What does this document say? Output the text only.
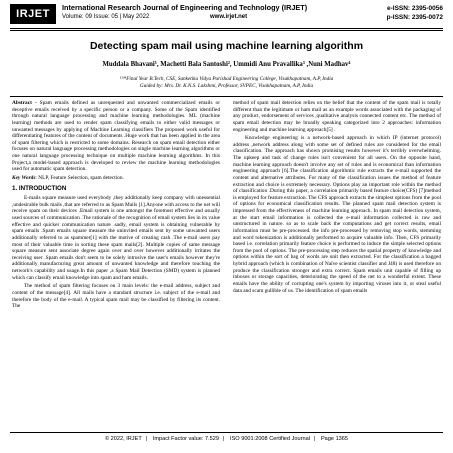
IRJET
International Research Journal of Engineering and Technology (IRJET)
Volume: 09 Issue: 05 | May 2022	www.irjet.net
e-ISSN: 2395-0056
p-ISSN: 2395-0072
Detecting spam mail using machine learning algorithm
Muddala Bhavani¹, Machetti Bala Santoshi², Ummidi Anu Pravallika³ ,Nuni Madhav⁴
¹²³⁴Final Year B.Tech, CSE, Sanketika Vidya Parishad Engineering College, Visakhapatnam, A.P, India
Guided by: Mrs. Dr. K.N.S. Lakshmi, Professor, SVPEC, Visakhapatnam, A.P, India

Abstract - Spam emails defined as unrequested and unwanted commercialized emails or deceptive emails received by a specific person or a company. Some of the Spam identified through natural language processing and machine learning methodologies. ML (machine learning) methods are used to render spam classifying emails to either valid messages or unwanted messages by applying of Machine Learning classifiers The proposed work useful for differentiating features of the content of documents .Huge work that has been applied in the area of spam filtering which is restricted to some domains. Research on spam email detection either focuses on natural language processing methodologies on single machine learning algorithms or one natural language processing technique on multiple machine learning algorithms. In this Project,a model-based approach is developed to review the machine learning methodologies used for automatic spam detection.

Key Words: NLP, Feature Selection, spam detection.

1. INTRODUCTION

E-mails square measure used everybody ,they additionally keep company with unessential ,undesirable bulk mails ,that are referred to as Spam Mails [1].Anyone with access to the net will receive spam on their devices .Email system is one amongst the foremost effective and usually used sources of communication .The rationale of the recognition of email system lies in its value effective and quicker communication nature .sadly, email system is obtaining vulnerable by spam emails .Spam emails square measure the uninvited emails sent by some unwanted users additionally referred to as spammer[1] with the motive of creating cash .The e-mail users pay most of their valuable time in sorting these spam mails[2]. Multiple copies of same message square measure sent associate degree again over and over however additionally irritates the receiving user .Spam emails don't seem to be solely intrusive the user's emails however they're additionally manufacturing great amount of unwanted knowledge and therefore touching the network's capability and usage.In this paper ,a Spam Mail Detection (SMD) system is planned which can classify email knowledge into spam and ham emails.

The method of spam filtering focuses on 3 main levels: the e-mail address, subject and content of the message[4]. All mails have a standard structure i.e. subject of the e-mail and therefore the body of the e-mail. A typical spam mail may be classified by filtering its content. The

method of spam mail detection relies on the belief that the content of the spam mail is totally different than the legitimate or ham mail as an example words associated with the packaging of any product, endorsement of services ,qualitative analysis connected content etc. The method of spam email detection may be broadly speaking categorized into 2 approaches: information engineering and machine learning approach[5] .

Knowledge engineering is a network-based approach in which IP (internet protocol) address ,network address along with some set of defined rules are considered for the email classification. The approach has shown promising results however it's terribly overwhelming. The upkeep and task of change rules isn't convenient for all users. On the opposite hand, machine learning approach doesn't involve any set of rules and is economical than information engineering approach [6].The classification algorithmic rule extracts the e-mail supported the content and alternative attributes. For many of the classification issues the method of feature extraction and choice is extremely necessary. Options play an important role within the method of classification .During this paper, a correlation primarily based feature choice(CFS) [7]method is employed for feature extraction. The CFS approach extracts the simplest options from the pool of options for economical classification results. The planned spam mail detection system is impressed from the effectiveness of machine learning approach. In spam mail detection system, at the start email information is collected the e-mail information collected is raw and unstructured in nature. so as to scale back the computations and get correct results, email information must be pre-processed. the info pre-processed by removing stop words, stemming and word tokenization is additionally performed to acquire valuable info. Then, CFS primarily based i.e. correlation primarily feature choice is performed to induce the simple selected options from the pool of options. The pre-processing step reduces the spatial property of knowledge and options within the sort of bag of words are unit then extracted. For the classification a bagged hybrid approach (which is combination of Naïve scientist classifier and J48) is used therefore on produce the classification stronger and extra correct. Spam emails unit capable of filling up inboxes or storage capacities, deteriorating the speed of the net to a wonderful extent. These emails have the ability of corrupting one's system by importing viruses into it, or steal useful data and scam gullible of us. The identification of spam emails

© 2022, IRJET | Impact Factor value: 7.529 | ISO 9001:2008 Certified Journal | Page 1365
